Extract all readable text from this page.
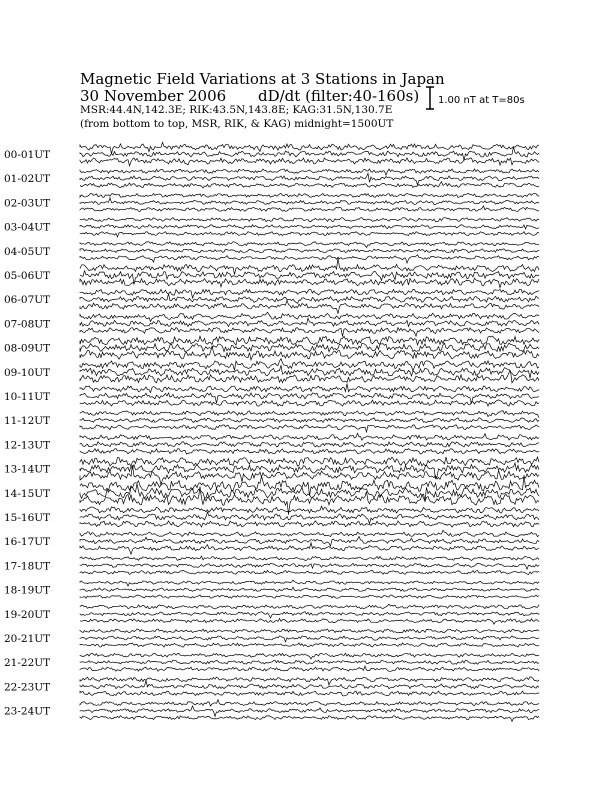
Magnetic Field Variations at 3 Stations in Japan
30 November 2006 dD/dt (filter:40-160s)
MSR:44.4N,142.3E; RIK:43.5N,143.8E; KAG:31.5N,130.7E
(from bottom to top, MSR, RIK, & KAG) midnight=1500UT
1.00 nT at T=80s
00-01UT
01-02UT
02-03UT
03-04UT
04-05UT
05-06UT
06-07UT
07-08UT
08-09UT
09-10UT
10-11UT
11-12UT
12-13UT
13-14UT
14-15UT
15-16UT
16-17UT
17-18UT
18-19UT
19-20UT
20-21UT
21-22UT
22-23UT
23-24UT
